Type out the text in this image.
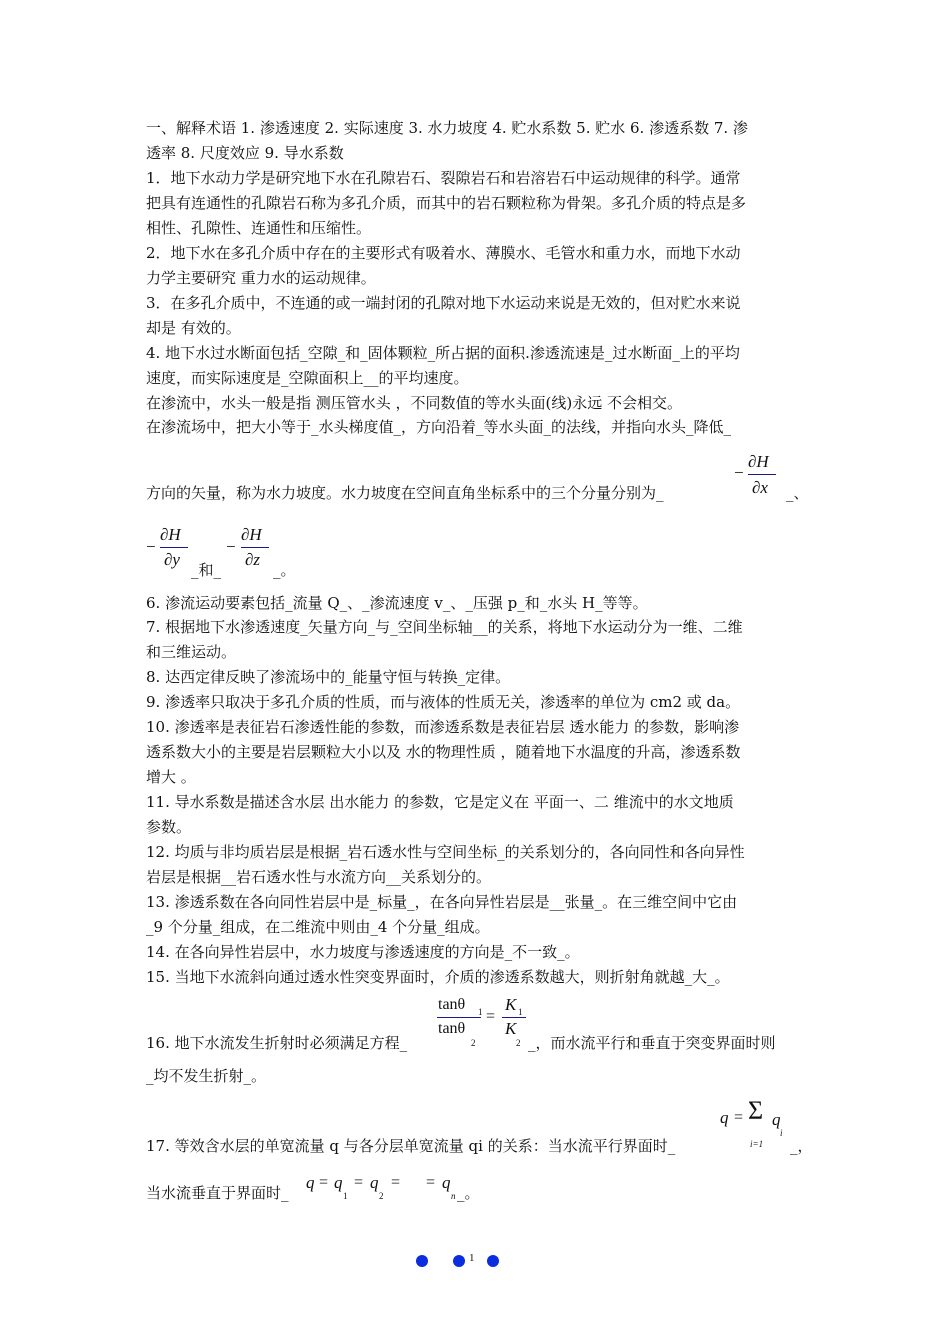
一、解释术语 1. 渗透速度 2. 实际速度 3. 水力坡度 4. 贮水系数 5. 贮水 6. 渗透系数 7. 渗
透率 8. 尺度效应 9. 导水系数
1．地下水动力学是研究地下水在孔隙岩石、裂隙岩石和岩溶岩石中运动规律的科学。通常
把具有连通性的孔隙岩石称为多孔介质，而其中的岩石颗粒称为骨架。多孔介质的特点是多
相性、孔隙性、连通性和压缩性。
2．地下水在多孔介质中存在的主要形式有吸着水、薄膜水、毛管水和重力水，而地下水动
力学主要研究 重力水的运动规律。
3．在多孔介质中，不连通的或一端封闭的孔隙对地下水运动来说是无效的，但对贮水来说
却是 有效的。
4. 地下水过水断面包括_空隙_和_固体颗粒_所占据的面积.渗透流速是_过水断面_上的平均
速度，而实际速度是_空隙面积上__的平均速度。
在渗流中，水头一般是指 测压管水头 ，不同数值的等水头面(线)永远 不会相交。
在渗流场中，把大小等于_水头梯度值_，方向沿着_等水头面_的法线，并指向水头_降低_
方向的矢量，称为水力坡度。水力坡度在空间直角坐标系中的三个分量分别为_
−
∂H
∂x _、
−
∂H
∂y
_和_
−
∂H
∂z
_。
6. 渗流运动要素包括_流量 Q_、_渗流速度 v_、_压强 p_和_水头 H_等等。
7. 根据地下水渗透速度_矢量方向_与_空间坐标轴__的关系，将地下水运动分为一维、二维
和三维运动。
8. 达西定律反映了渗流场中的_能量守恒与转换_定律。
9. 渗透率只取决于多孔介质的性质，而与液体的性质无关，渗透率的单位为 cm2 或 da。
10. 渗透率是表征岩石渗透性能的参数，而渗透系数是表征岩层 透水能力 的参数，影响渗
透系数大小的主要是岩层颗粒大小以及 水的物理性质 ，随着地下水温度的升高，渗透系数
增大 。
11. 导水系数是描述含水层 出水能力 的参数，它是定义在 平面一、二 维流中的水文地质
参数。
12. 均质与非均质岩层是根据_岩石透水性与空间坐标_的关系划分的，各向同性和各向异性
岩层是根据__岩石透水性与水流方向__关系划分的。
13. 渗透系数在各向同性岩层中是_标量_，在各向异性岩层是__张量_。在三维空间中它由
_9 个分量_组成，在二维流中则由_4 个分量_组成。
14. 在各向异性岩层中，水力坡度与渗透速度的方向是_不一致_。
15. 当地下水流斜向通过透水性突变界面时，介质的渗透系数越大，则折射角就越_大_。
tanθ 1
tanθ
2
=
K 1
K
2
16. 地下水流发生折射时必须满足方程_	_，而水流平行和垂直于突变界面时则
_均不发生折射_。
q = Σ q
i
i=1
17. 等效含水层的单宽流量 q 与各分层单宽流量 qi 的关系：当水流平行界面时_	_，
当水流垂直于界面时_
q = q
1
= q
2
= = q
n _。
1
